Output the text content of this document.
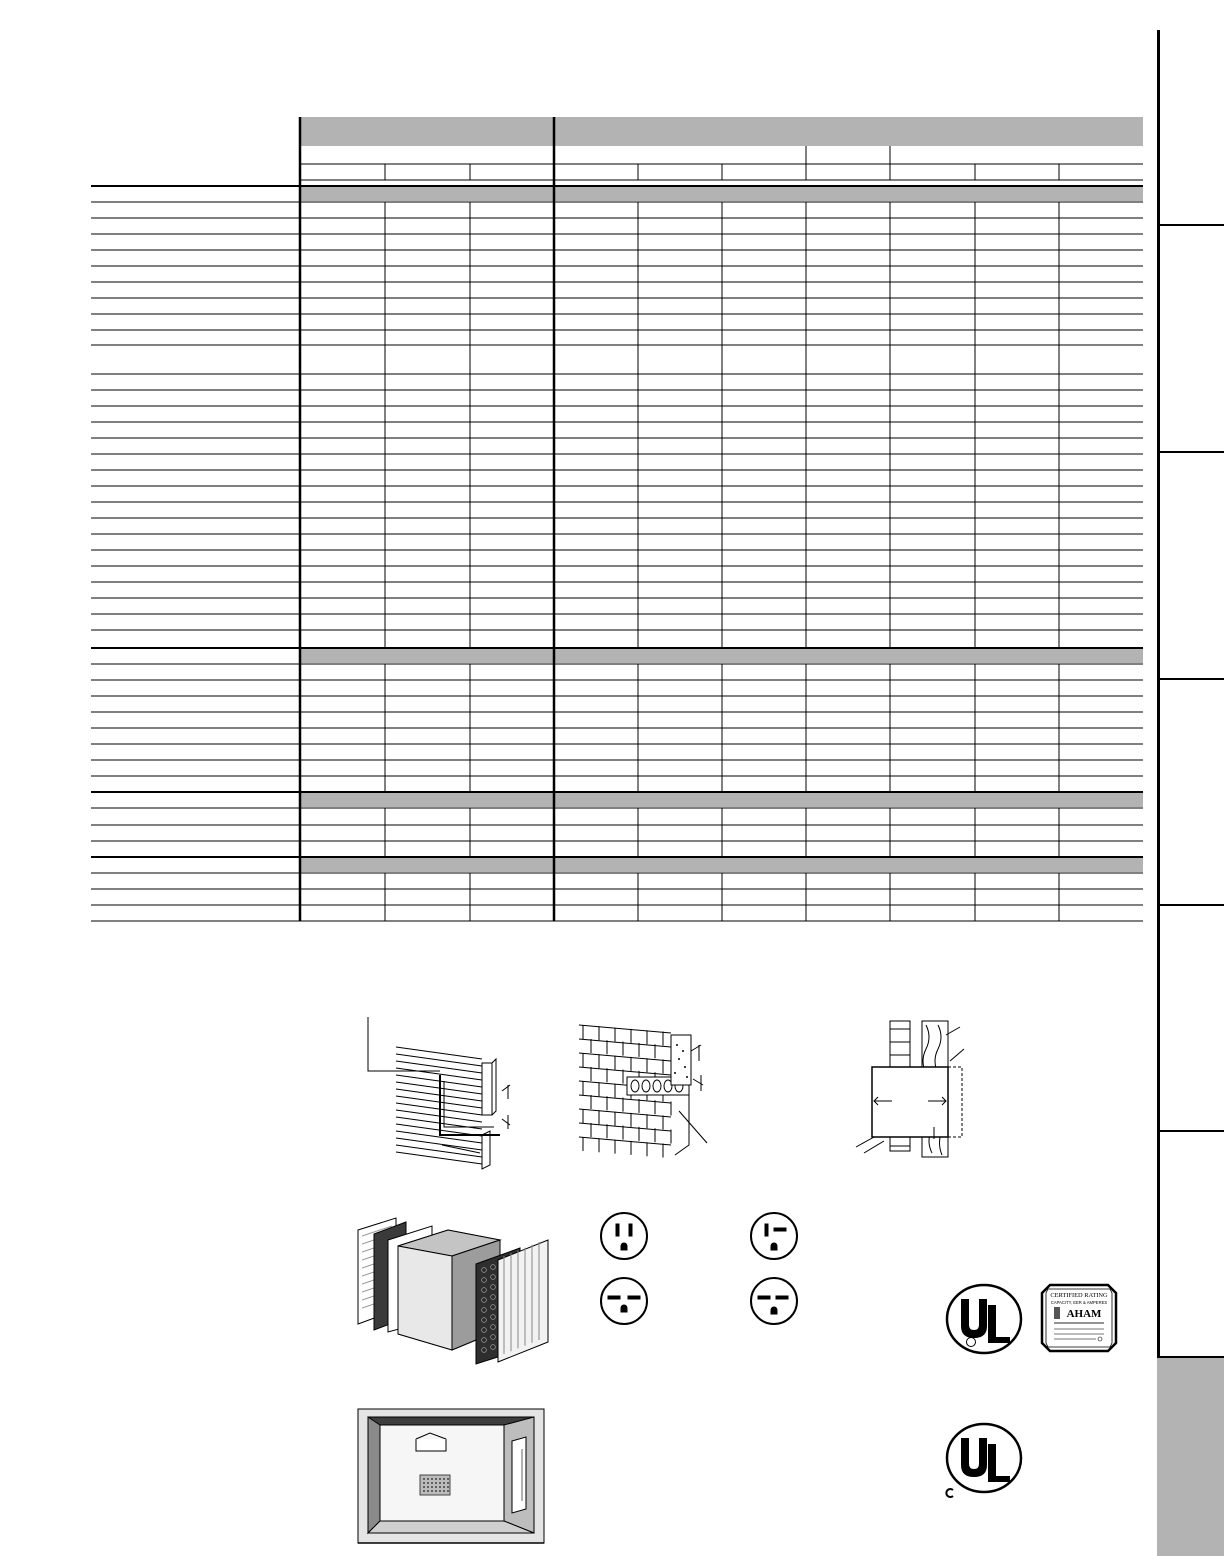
CERTIFIED RATING
CAPACITY, EER & AMPERES
AHAM
